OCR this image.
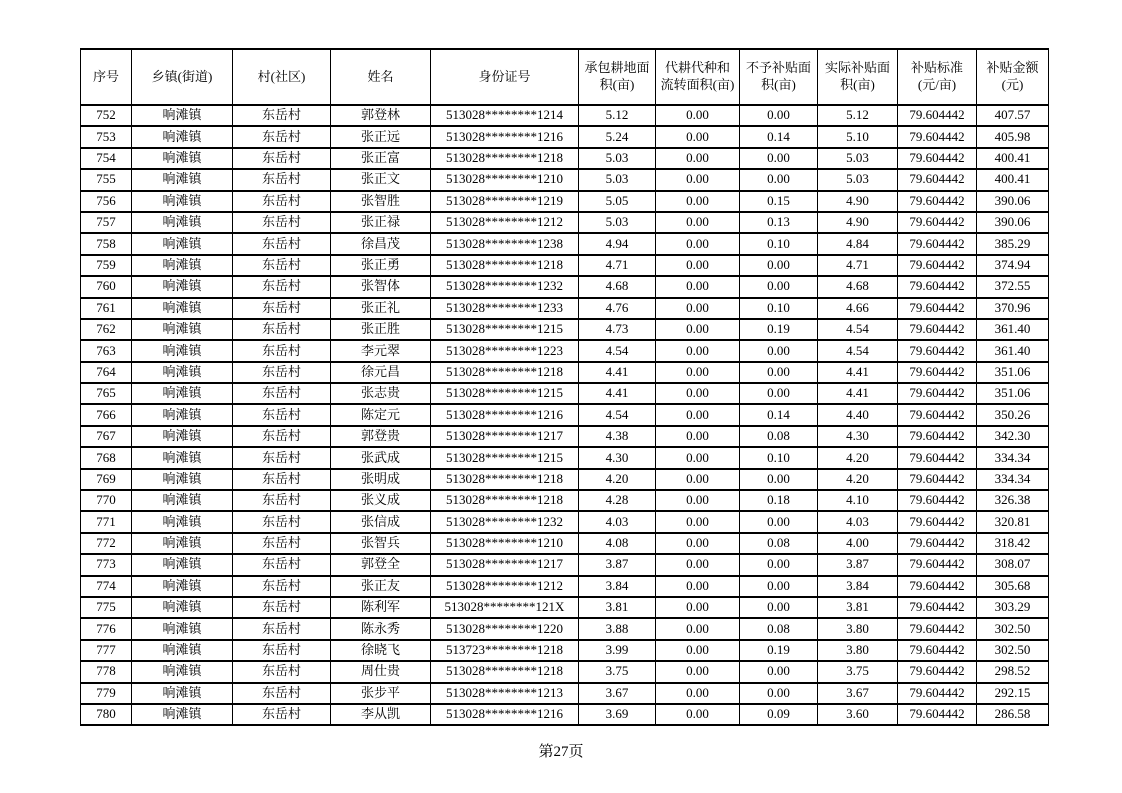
序号	乡镇(街道)	村(社区)	姓名	身份证号	承包耕地面积(亩)	代耕代种和流转面积(亩)	不予补贴面积(亩)	实际补贴面积(亩)	补贴标准(元/亩)	补贴金额(元)
752	响滩镇	东岳村	郭登林	513028********1214	5.12	0.00	0.00	5.12	79.604442	407.57
753	响滩镇	东岳村	张正远	513028********1216	5.24	0.00	0.14	5.10	79.604442	405.98
754	响滩镇	东岳村	张正富	513028********1218	5.03	0.00	0.00	5.03	79.604442	400.41
755	响滩镇	东岳村	张正文	513028********1210	5.03	0.00	0.00	5.03	79.604442	400.41
756	响滩镇	东岳村	张智胜	513028********1219	5.05	0.00	0.15	4.90	79.604442	390.06
757	响滩镇	东岳村	张正禄	513028********1212	5.03	0.00	0.13	4.90	79.604442	390.06
758	响滩镇	东岳村	徐昌茂	513028********1238	4.94	0.00	0.10	4.84	79.604442	385.29
759	响滩镇	东岳村	张正勇	513028********1218	4.71	0.00	0.00	4.71	79.604442	374.94
760	响滩镇	东岳村	张智体	513028********1232	4.68	0.00	0.00	4.68	79.604442	372.55
761	响滩镇	东岳村	张正礼	513028********1233	4.76	0.00	0.10	4.66	79.604442	370.96
762	响滩镇	东岳村	张正胜	513028********1215	4.73	0.00	0.19	4.54	79.604442	361.40
763	响滩镇	东岳村	李元翠	513028********1223	4.54	0.00	0.00	4.54	79.604442	361.40
764	响滩镇	东岳村	徐元昌	513028********1218	4.41	0.00	0.00	4.41	79.604442	351.06
765	响滩镇	东岳村	张志贵	513028********1215	4.41	0.00	0.00	4.41	79.604442	351.06
766	响滩镇	东岳村	陈定元	513028********1216	4.54	0.00	0.14	4.40	79.604442	350.26
767	响滩镇	东岳村	郭登贵	513028********1217	4.38	0.00	0.08	4.30	79.604442	342.30
768	响滩镇	东岳村	张武成	513028********1215	4.30	0.00	0.10	4.20	79.604442	334.34
769	响滩镇	东岳村	张明成	513028********1218	4.20	0.00	0.00	4.20	79.604442	334.34
770	响滩镇	东岳村	张义成	513028********1218	4.28	0.00	0.18	4.10	79.604442	326.38
771	响滩镇	东岳村	张信成	513028********1232	4.03	0.00	0.00	4.03	79.604442	320.81
772	响滩镇	东岳村	张智兵	513028********1210	4.08	0.00	0.08	4.00	79.604442	318.42
773	响滩镇	东岳村	郭登全	513028********1217	3.87	0.00	0.00	3.87	79.604442	308.07
774	响滩镇	东岳村	张正友	513028********1212	3.84	0.00	0.00	3.84	79.604442	305.68
775	响滩镇	东岳村	陈利军	513028********121X	3.81	0.00	0.00	3.81	79.604442	303.29
776	响滩镇	东岳村	陈永秀	513028********1220	3.88	0.00	0.08	3.80	79.604442	302.50
777	响滩镇	东岳村	徐晓飞	513723********1218	3.99	0.00	0.19	3.80	79.604442	302.50
778	响滩镇	东岳村	周仕贵	513028********1218	3.75	0.00	0.00	3.75	79.604442	298.52
779	响滩镇	东岳村	张步平	513028********1213	3.67	0.00	0.00	3.67	79.604442	292.15
780	响滩镇	东岳村	李从凯	513028********1216	3.69	0.00	0.09	3.60	79.604442	286.58
第27页
